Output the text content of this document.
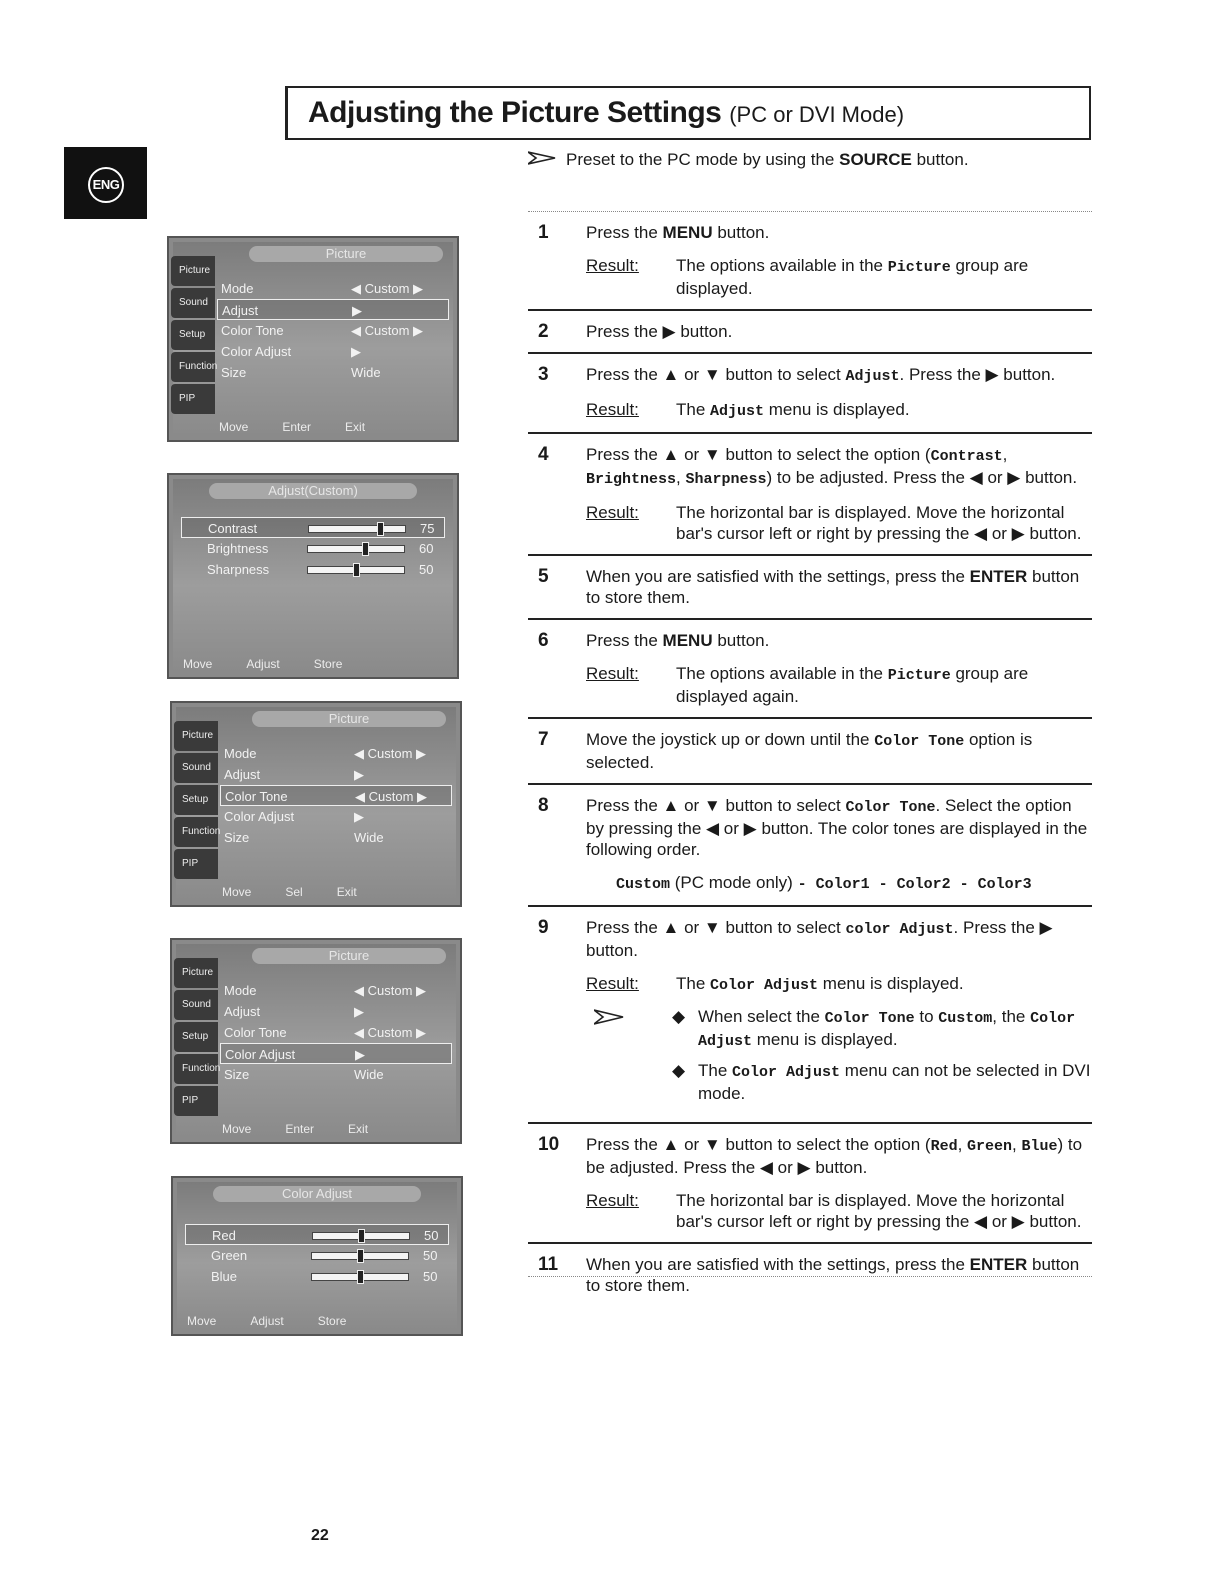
Adjusting the Picture Settings (PC or DVI Mode)
ENG
Preset to the PC mode by using the SOURCE button.
1 Press the MENU button.

Result: The options available in the Picture group are displayed.
2 Press the ▶ button.

3 Press the ▲ or ▼ button to select Adjust. Press the ▶ button.

Result: The Adjust menu is displayed.
4 Press the ▲ or ▼ button to select the option (Contrast, Brightness, Sharpness) to be adjusted. Press the ◀ or ▶ button.

Result: The horizontal bar is displayed. Move the horizontal bar's cursor left or right by pressing the ◀ or ▶ button.
5 When you are satisfied with the settings, press the ENTER button to store them.

6 Press the MENU button.

Result: The options available in the Picture group are displayed again.
7 Move the joystick up or down until the Color Tone option is selected.

8 Press the ▲ or ▼ button to select Color Tone. Select the option by pressing the ◀ or ▶ button. The color tones are displayed in the following order.

Custom (PC mode only) - Color1 - Color2 - Color3
9 Press the ▲ or ▼ button to select color Adjust. Press the ▶ button.

Result: The Color Adjust menu is displayed.
◆ When select the Color Tone to Custom, the Color Adjust menu is displayed.
◆ The Color Adjust menu can not be selected in DVI mode.
10 Press the ▲ or ▼ button to select the option (Red, Green, Blue) to be adjusted. Press the ◀ or ▶ button.

Result: The horizontal bar is displayed. Move the horizontal bar's cursor left or right by pressing the ◀ or ▶ button.
11 When you are satisfied with the settings, press the ENTER button to store them.

Picture
Picture
Sound
Setup
Function
PIP
Mode	◀ Custom ▶
Adjust	▶
Color Tone	◀ Custom ▶
Color Adjust	▶
Size	Wide
Move	Enter	Exit
Adjust(Custom)
Contrast	75
Brightness	60
Sharpness	50
Move	Adjust	Store
Picture
Picture
Sound
Setup
Function
PIP
Mode	◀ Custom ▶
Adjust	▶
Color Tone	◀ Custom ▶
Color Adjust	▶
Size	Wide
Move	Sel	Exit
Picture
Picture
Sound
Setup
Function
PIP
Mode	◀ Custom ▶
Adjust	▶
Color Tone	◀ Custom ▶
Color Adjust	▶
Size	Wide
Move	Enter	Exit
Color Adjust
Red	50
Green	50
Blue	50
Move	Adjust	Store
22
